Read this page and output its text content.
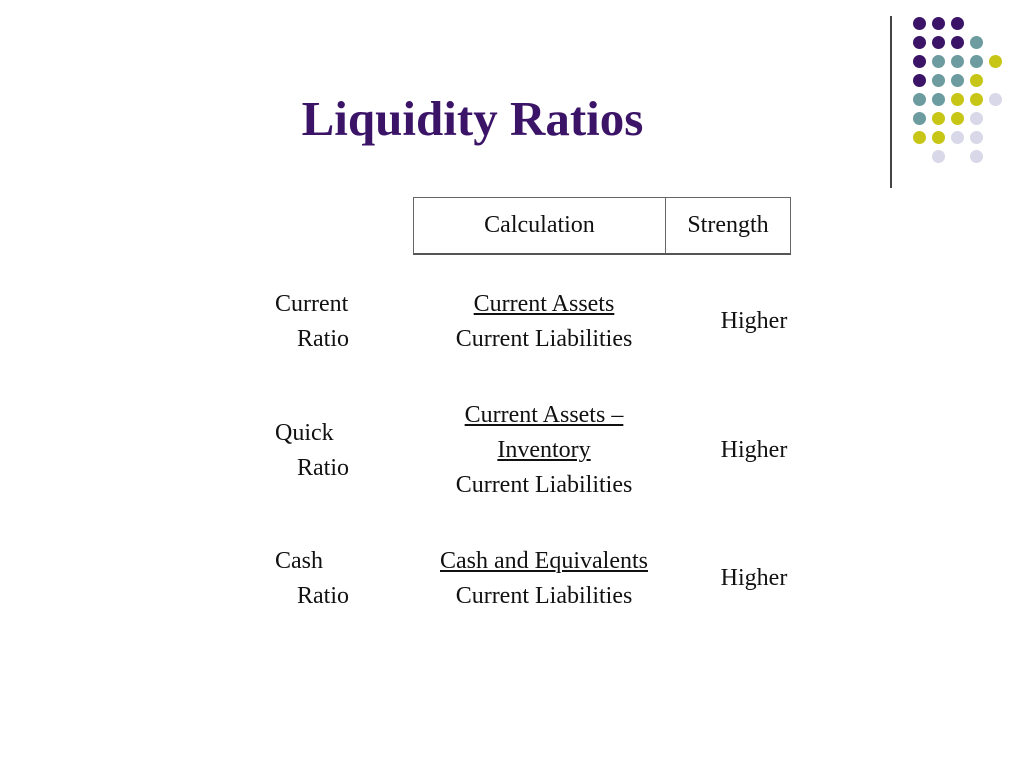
Liquidity Ratios
Calculation	Strength
Current
Ratio
Current Assets
Current Liabilities
Higher
Quick
Ratio
Current Assets –
Inventory
Current Liabilities
Higher
Cash
Ratio
Cash and Equivalents
Current Liabilities
Higher
